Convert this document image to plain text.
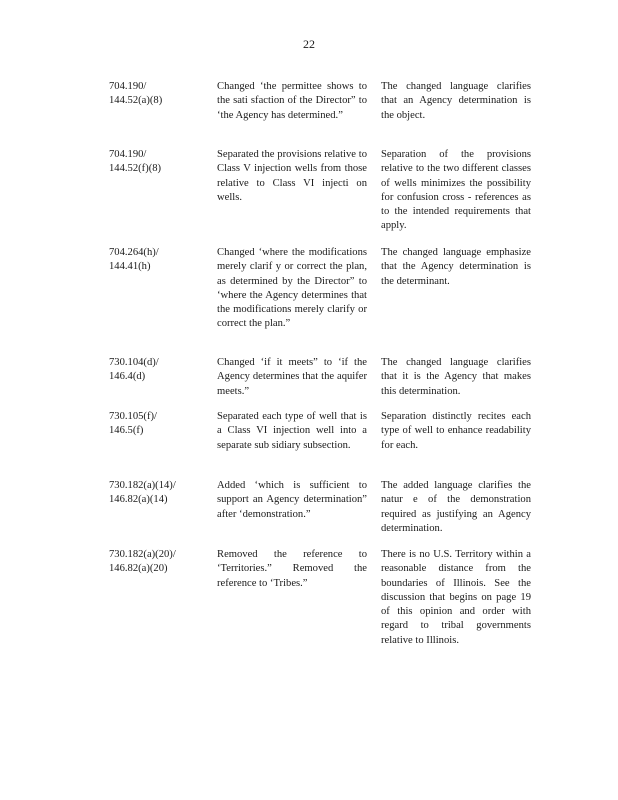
22
704.190/
144.52(a)(8)
Changed ‘the permittee shows to the sati sfaction of the Director” to ‘the Agency has determined.”
The changed language clarifies that an Agency determination is the object.
704.190/
144.52(f)(8)
Separated the provisions relative to Class V injection wells from those relative to Class VI injecti on wells.
Separation of the provisions relative to the two different classes of wells minimizes the possibility for confusion cross - references as to the intended requirements that apply.
704.264(h)/
144.41(h)
Changed ‘where the modifications merely clarif y or correct the plan, as determined by the Director” to ‘where the Agency determines that the modifications merely clarify or correct the plan.”
The changed language emphasize that the Agency determination is the determinant.
730.104(d)/
146.4(d)
Changed ‘if it meets” to ‘if the Agency determines that the aquifer meets.”
The changed language clarifies that it is the Agency that makes this determination.
730.105(f)/
146.5(f)
Separated each type of well that is a Class VI injection well into a separate sub sidiary subsection.
Separation distinctly recites each type of well to enhance readability for each.
730.182(a)(14)/
146.82(a)(14)
Added ‘which is sufficient to support an Agency determination” after ‘demonstration.”
The added language clarifies the natur e of the demonstration required as justifying an Agency determination.
730.182(a)(20)/
146.82(a)(20)
Removed the reference to ‘Territories.” Removed the reference to ‘Tribes.”
There is no U.S. Territory within a reasonable distance from the boundaries of Illinois. See the discussion that begins on page 19 of this opinion and order with regard to tribal governments relative to Illinois.
